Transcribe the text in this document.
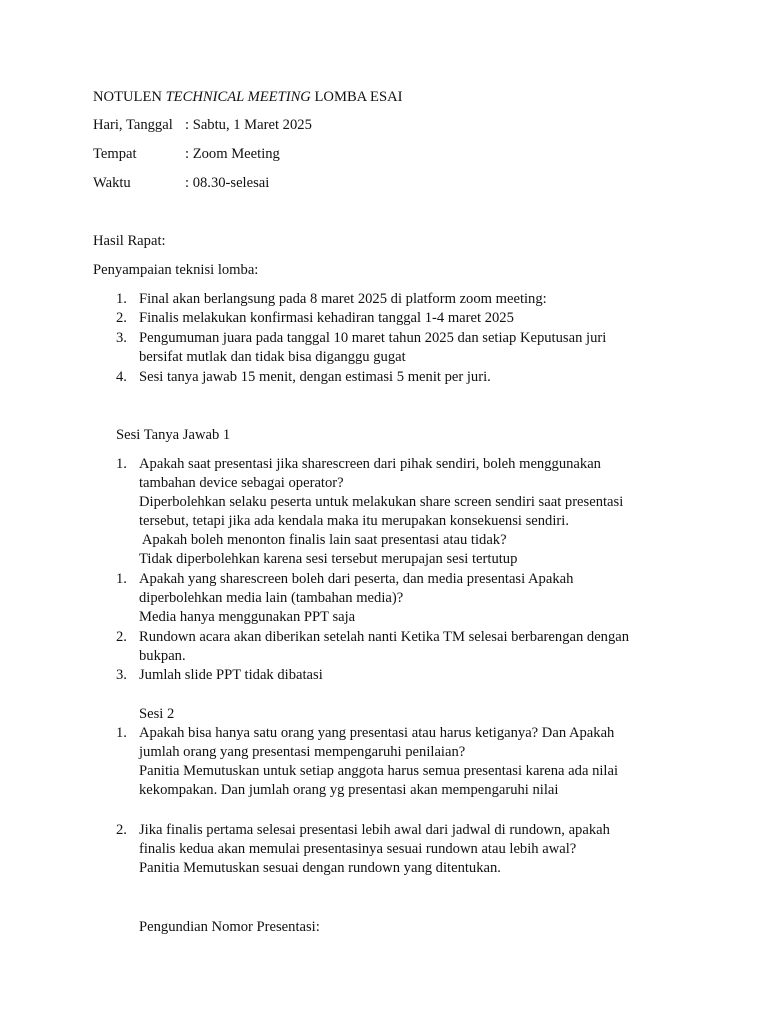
NOTULEN TECHNICAL MEETING LOMBA ESAI
Hari, Tanggal : Sabtu, 1 Maret 2025
Tempat	: Zoom Meeting
Waktu	: 08.30-selesai
Hasil Rapat:
Penyampaian teknisi lomba:
1. Final akan berlangsung pada 8 maret 2025 di platform zoom meeting:
2. Finalis melakukan konfirmasi kehadiran tanggal 1-4 maret 2025
3. Pengumuman juara pada tanggal 10 maret tahun 2025 dan setiap Keputusan juri
bersifat mutlak dan tidak bisa diganggu gugat
4. Sesi tanya jawab 15 menit, dengan estimasi 5 menit per juri.
Sesi Tanya Jawab 1
1. Apakah saat presentasi jika sharescreen dari pihak sendiri, boleh menggunakan
tambahan device sebagai operator?
Diperbolehkan selaku peserta untuk melakukan share screen sendiri saat presentasi
tersebut, tetapi jika ada kendala maka itu merupakan konsekuensi sendiri.
Apakah boleh menonton finalis lain saat presentasi atau tidak?
Tidak diperbolehkan karena sesi tersebut merupajan sesi tertutup
1. Apakah yang sharescreen boleh dari peserta, dan media presentasi Apakah
diperbolehkan media lain (tambahan media)?
Media hanya menggunakan PPT saja
2. Rundown acara akan diberikan setelah nanti Ketika TM selesai berbarengan dengan
bukpan.
3. Jumlah slide PPT tidak dibatasi
Sesi 2
1. Apakah bisa hanya satu orang yang presentasi atau harus ketiganya? Dan Apakah
jumlah orang yang presentasi mempengaruhi penilaian?
Panitia Memutuskan untuk setiap anggota harus semua presentasi karena ada nilai
kekompakan. Dan jumlah orang yg presentasi akan mempengaruhi nilai
2. Jika finalis pertama selesai presentasi lebih awal dari jadwal di rundown, apakah
finalis kedua akan memulai presentasinya sesuai rundown atau lebih awal?
Panitia Memutuskan sesuai dengan rundown yang ditentukan.
Pengundian Nomor Presentasi:
